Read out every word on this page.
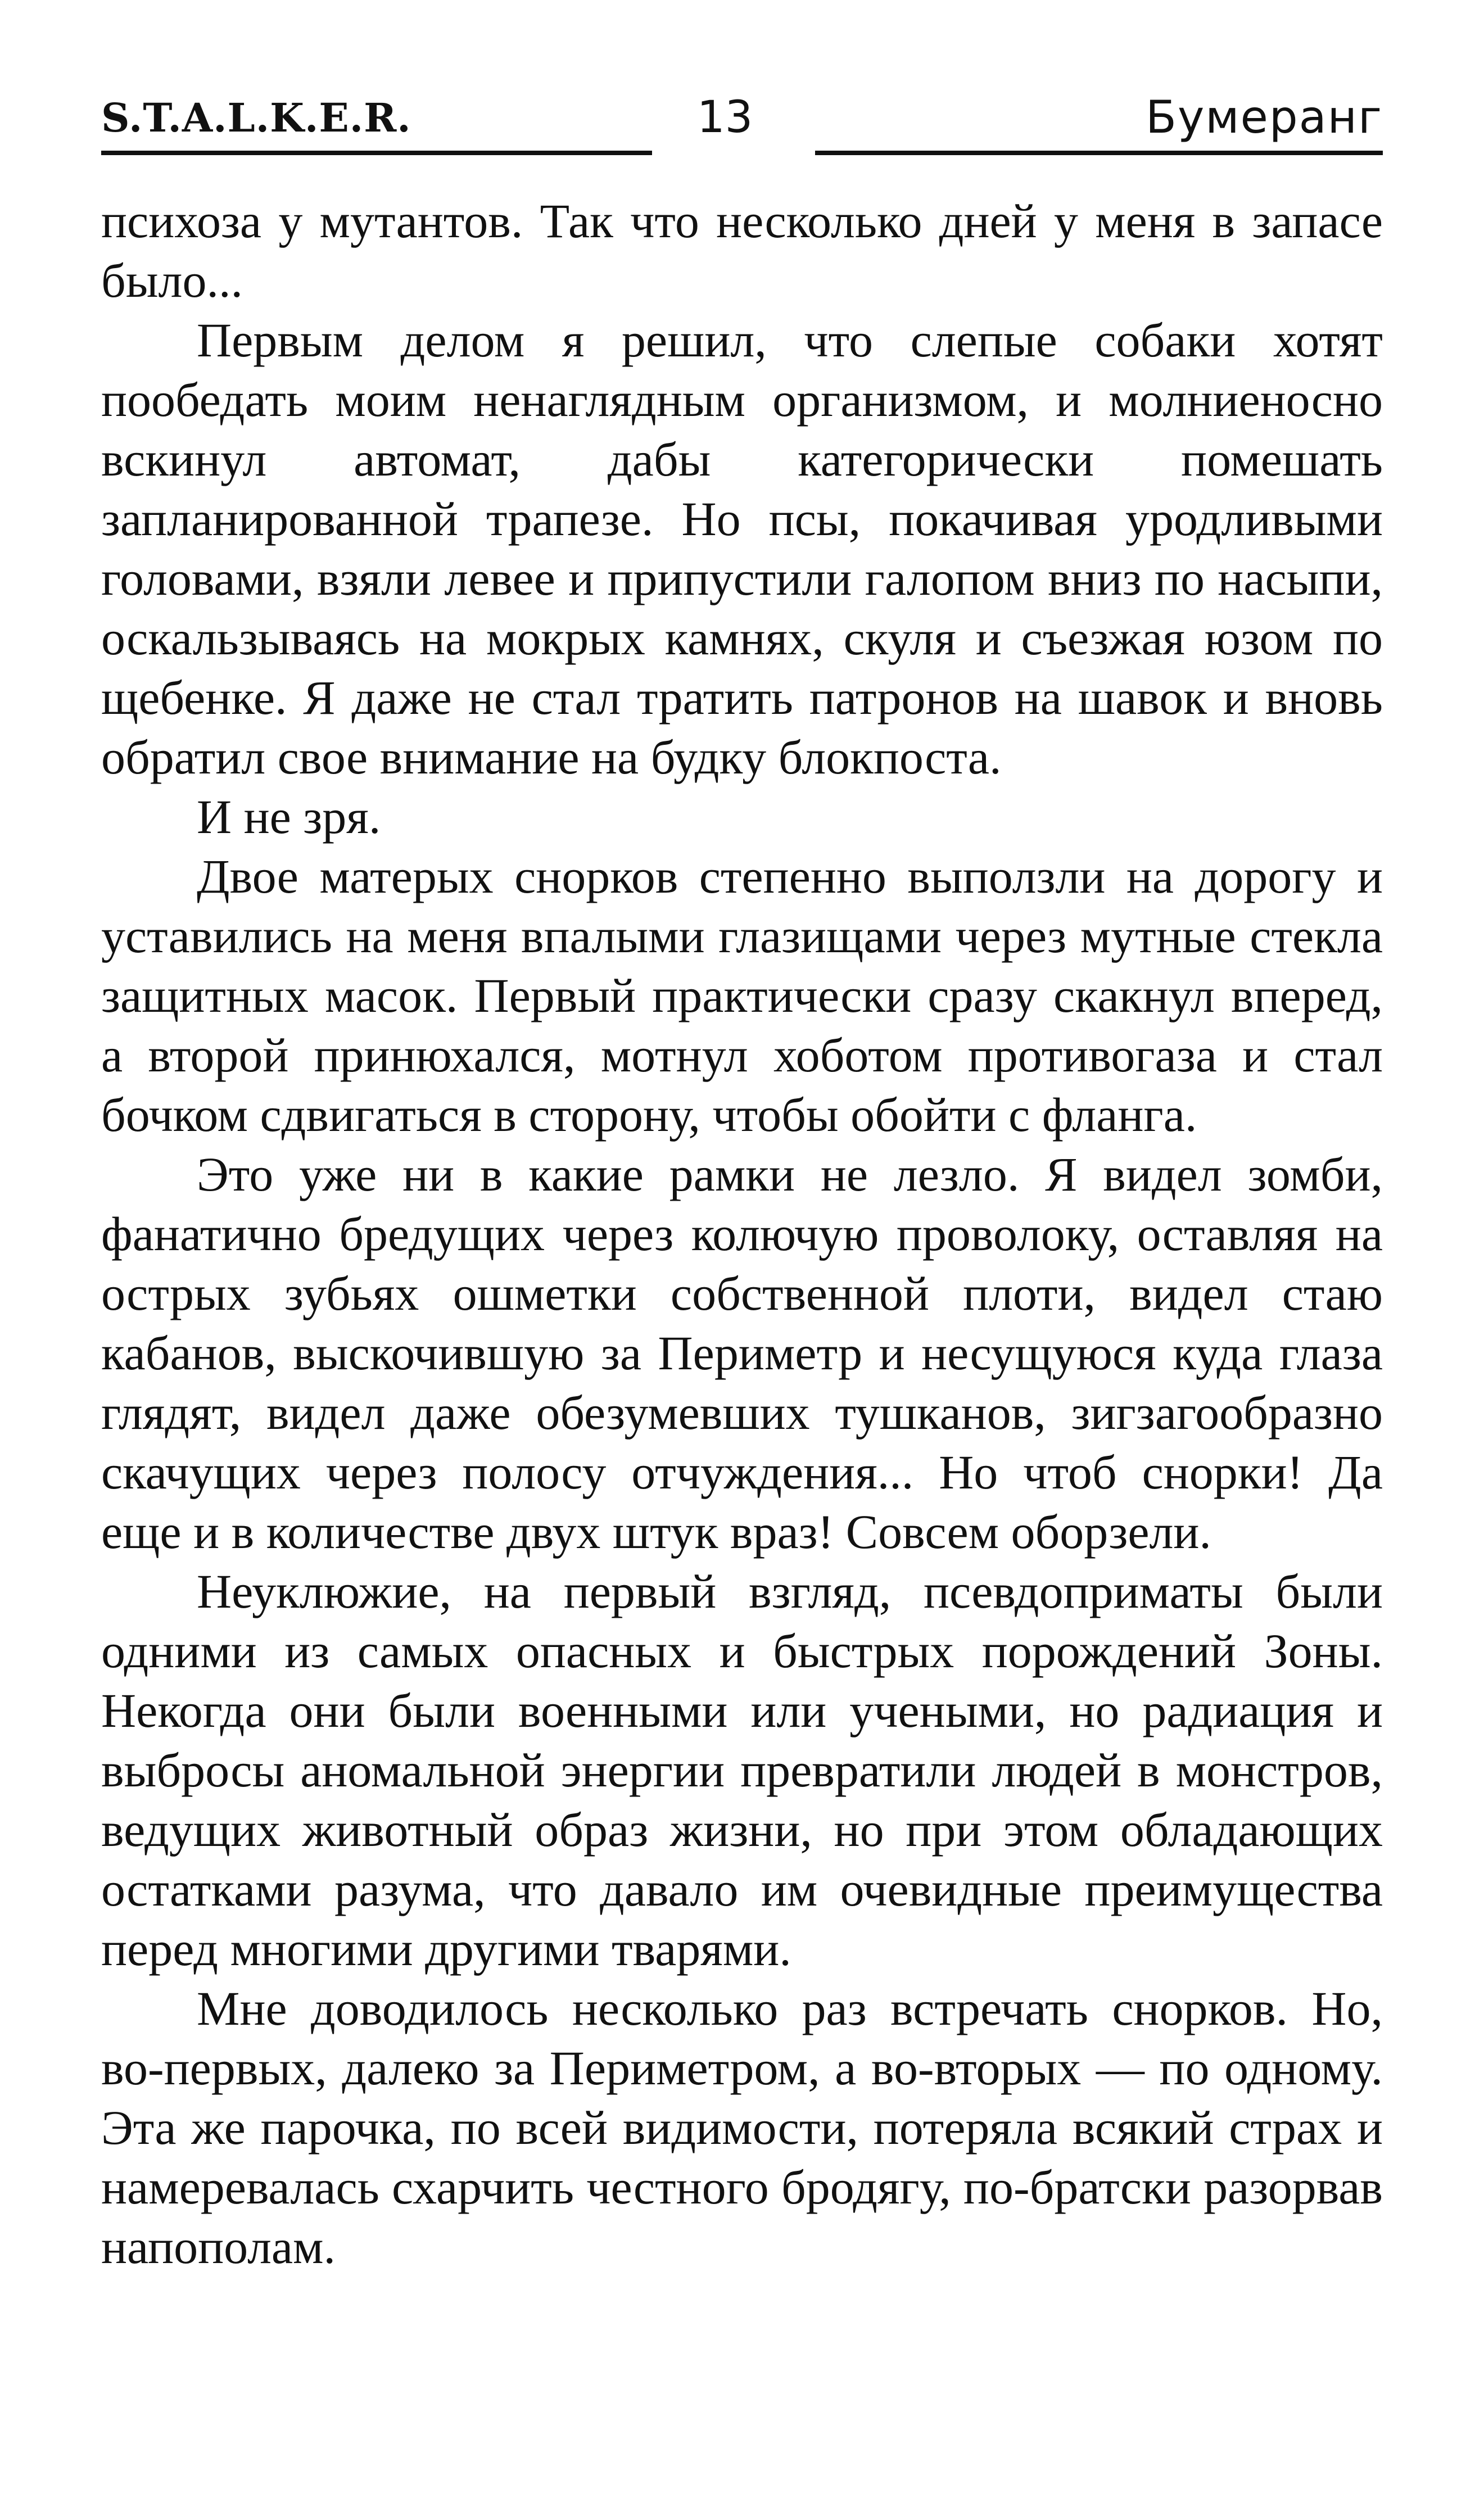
S.T.A.L.K.E.R.	13	Бумеранг

психоза у мутантов. Так что несколько дней у меня в запасе было...

Первым делом я решил, что слепые собаки хотят пообедать моим ненаглядным организмом, и молниеносно вскинул автомат, дабы категорически помешать запланированной трапезе. Но псы, покачивая уродливыми головами, взяли левее и припустили галопом вниз по насыпи, оскальзываясь на мокрых камнях, скуля и съезжая юзом по щебенке. Я даже не стал тратить патронов на шавок и вновь обратил свое внимание на будку блокпоста.

И не зря.

Двое матерых снорков степенно выползли на дорогу и уставились на меня впалыми глазищами через мутные стекла защитных масок. Первый практически сразу скакнул вперед, а второй принюхался, мотнул хоботом противогаза и стал бочком сдвигаться в сторону, чтобы обойти с фланга.

Это уже ни в какие рамки не лезло. Я видел зомби, фанатично бредущих через колючую проволоку, оставляя на острых зубьях ошметки собственной плоти, видел стаю кабанов, выскочившую за Периметр и несущуюся куда глаза глядят, видел даже обезумевших тушканов, зигзагообразно скачущих через полосу отчуждения... Но чтоб снорки! Да еще и в количестве двух штук враз! Совсем оборзели.

Неуклюжие, на первый взгляд, псевдоприматы были одними из самых опасных и быстрых порождений Зоны. Некогда они были военными или учеными, но радиация и выбросы аномальной энергии превратили людей в монстров, ведущих животный образ жизни, но при этом обладающих остатками разума, что давало им очевидные преимущества перед многими другими тварями.

Мне доводилось несколько раз встречать снорков. Но, во-первых, далеко за Периметром, а во-вторых — по одному. Эта же парочка, по всей видимости, потеряла всякий страх и намеревалась схарчить честного бродягу, по-братски разорвав напополам.
